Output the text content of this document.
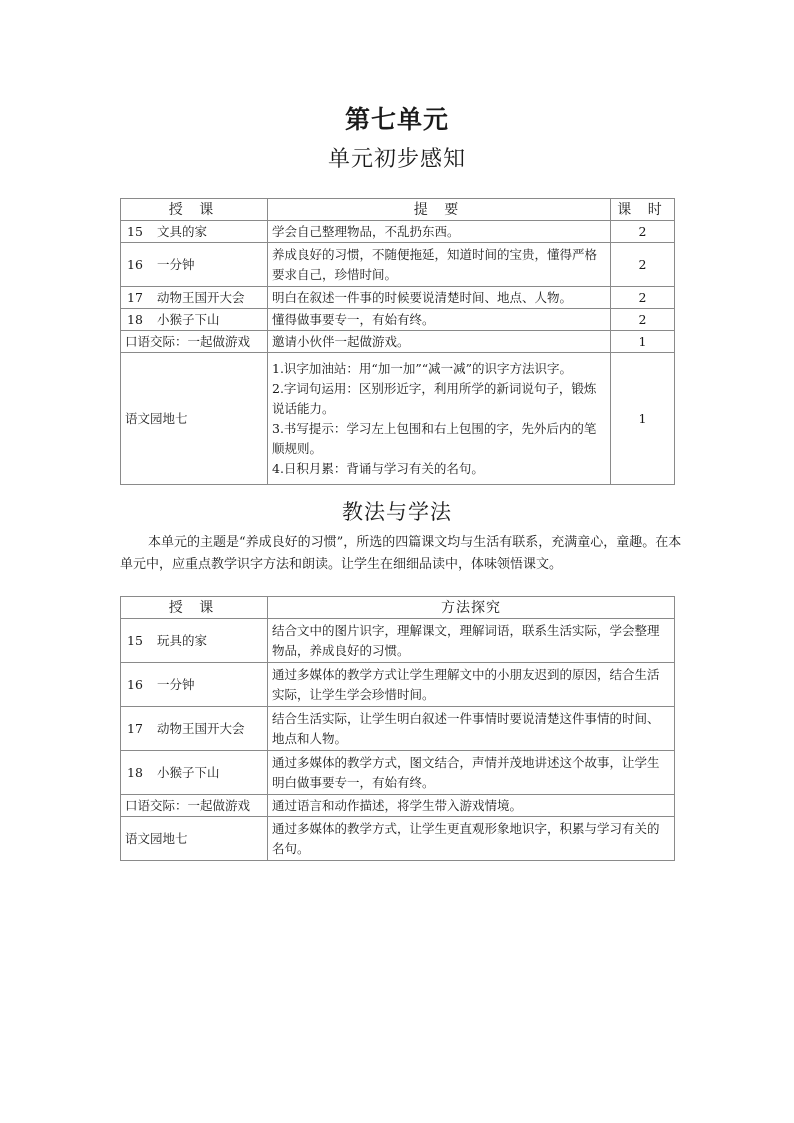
第七单元
单元初步感知
授 课	提 要	课 时
15 文具的家	学会自己整理物品，不乱扔东西。	2
16 一分钟	养成良好的习惯，不随便拖延，知道时间的宝贵，懂得严格要求自己，珍惜时间。	2
17 动物王国开大会	明白在叙述一件事的时候要说清楚时间、地点、人物。	2
18 小猴子下山	懂得做事要专一，有始有终。	2
口语交际：一起做游戏	邀请小伙伴一起做游戏。	1
语文园地七	1.识字加油站：用“加一加”“减一减”的识字方法识字。
2.字词句运用：区别形近字，利用所学的新词说句子，锻炼说话能力。
3.书写提示：学习左上包围和右上包围的字，先外后内的笔顺规则。
4.日积月累：背诵与学习有关的名句。	1
教法与学法
本单元的主题是“养成良好的习惯”，所选的四篇课文均与生活有联系，充满童心，童趣。在本单元中，应重点教学识字方法和朗读。让学生在细细品读中，体味领悟课文。
授 课	方法探究
15 玩具的家	结合文中的图片识字，理解课文，理解词语，联系生活实际，学会整理物品，养成良好的习惯。
16 一分钟	通过多媒体的教学方式让学生理解文中的小朋友迟到的原因，结合生活实际，让学生学会珍惜时间。
17 动物王国开大会	结合生活实际，让学生明白叙述一件事情时要说清楚这件事情的时间、地点和人物。
18 小猴子下山	通过多媒体的教学方式，图文结合，声情并茂地讲述这个故事，让学生明白做事要专一，有始有终。
口语交际：一起做游戏	通过语言和动作描述，将学生带入游戏情境。
语文园地七	通过多媒体的教学方式，让学生更直观形象地识字，积累与学习有关的名句。
